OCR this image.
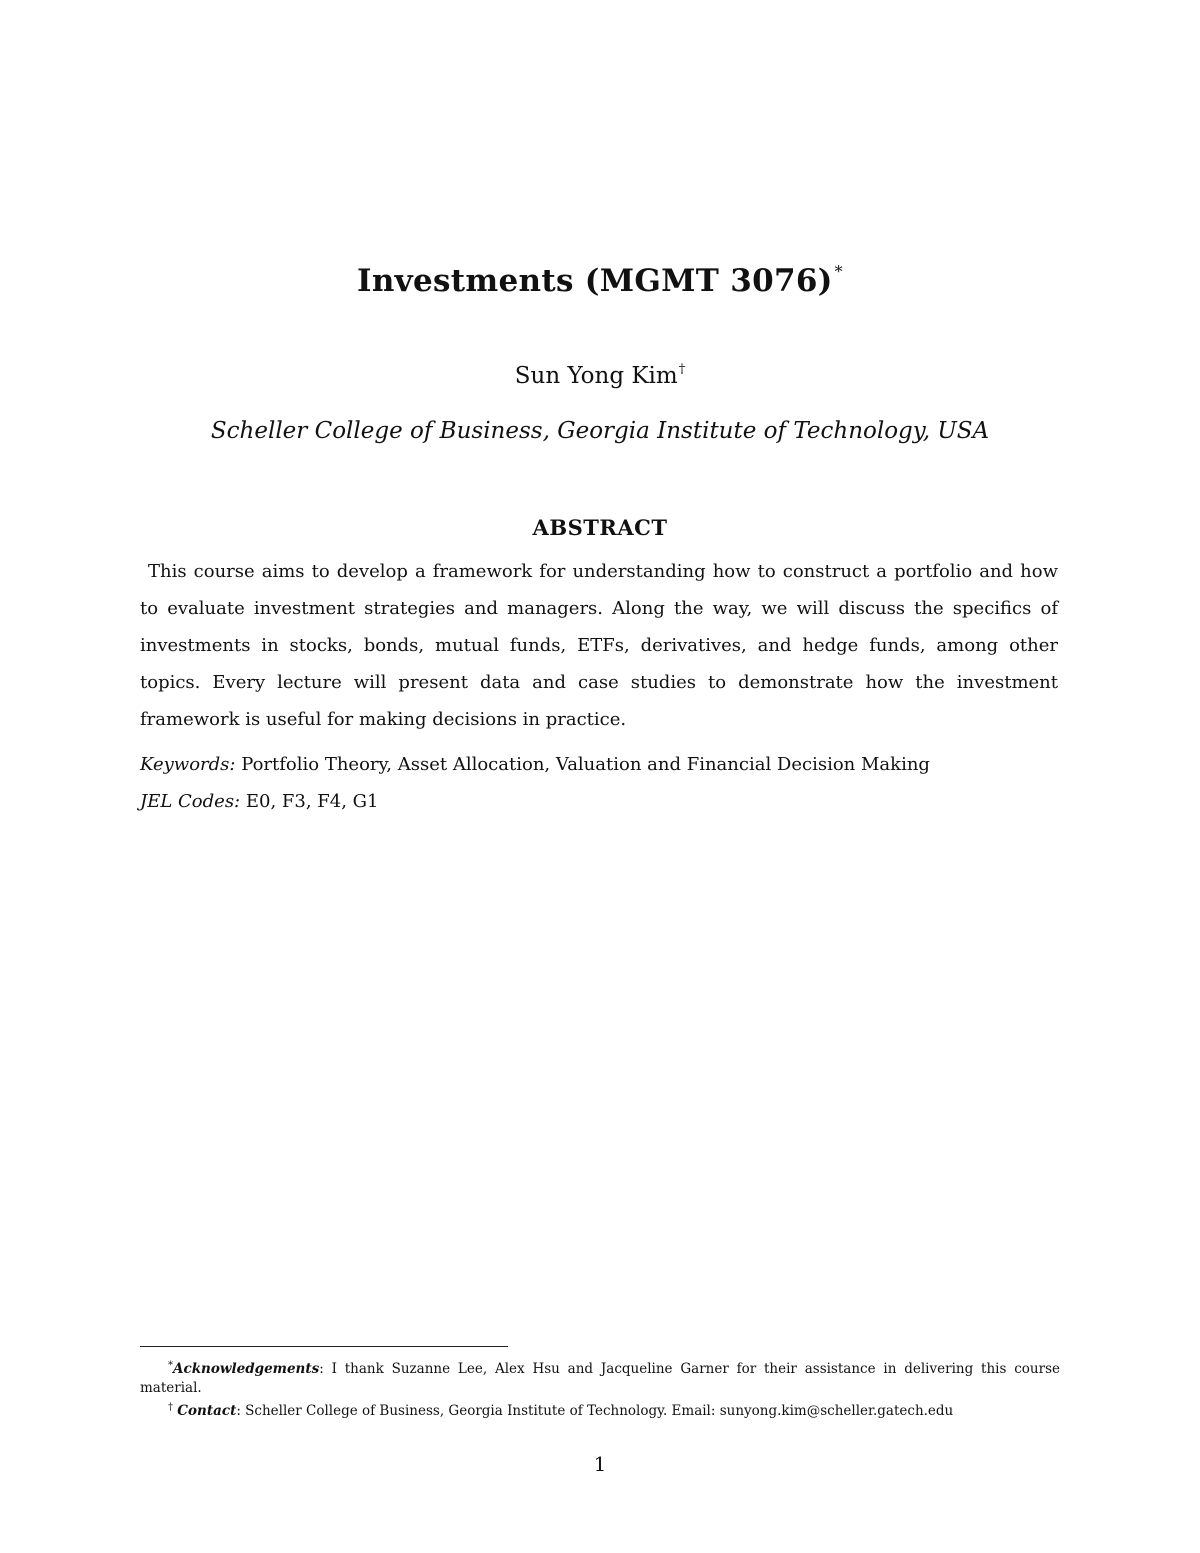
Investments (MGMT 3076) *
Sun Yong Kim†
Scheller College of Business, Georgia Institute of Technology, USA
ABSTRACT
This course aims to develop a framework for understanding how to construct a portfolio and how to evaluate investment strategies and managers. Along the way, we will discuss the specifics of investments in stocks, bonds, mutual funds, ETFs, derivatives, and hedge funds, among other topics. Every lecture will present data and case studies to demonstrate how the investment framework is useful for making decisions in practice.
Keywords: Portfolio Theory, Asset Allocation, Valuation and Financial Decision Making
JEL Codes: E0, F3, F4, G1
*Acknowledgements: I thank Suzanne Lee, Alex Hsu and Jacqueline Garner for their assistance in delivering this course material.
† Contact: Scheller College of Business, Georgia Institute of Technology. Email: sunyong.kim@scheller.gatech.edu
1
